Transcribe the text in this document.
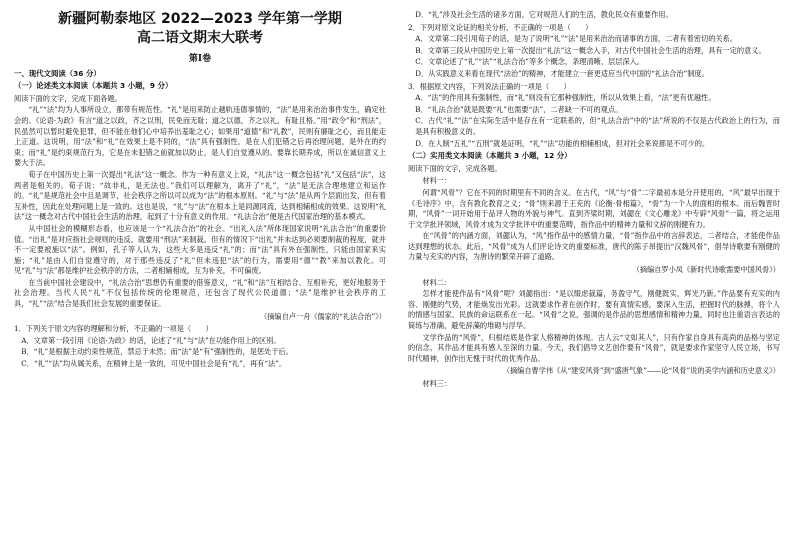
新疆阿勒泰地区 2022—2023 学年第一学期
高二语文期末大联考
第Ⅰ卷
一、现代文阅读（36 分）
（一）论述类文本阅读（本题共 3 小题，9 分）
阅读下面的文字，完成下面各题。

“礼”“法”均为人事所设立，都带有规范性。“礼”是用来防止越轨违德事情的，“法”是用来治治事件发生，确定社会的。《论语·为政》有言“道之以政，齐之以刑，民免而无耻；道之以德，齐之以礼，有耻且格。”用“政令”和“刑法”，民虽然可以暂时避免犯罪，但不能在他们心中培养出羞耻之心；如果用“道德”和“礼教”，民则有廉耻之心，而且能走上正道。这说明，用“法”和“礼”在效果上是不同的，“法”具有强制性，是在人们犯错之后再治理问题，是外在的约束；而“礼”是约束规范行为，它是在未犯错之前就加以防止，是人们自觉遵从的。要靠长期养成，所以在诚信意义上要大于法。

荀子在中国历史上第一次提出“礼法”这一概念。作为一种有意义上说，“礼法”这一概念包括“礼”又包括“法”，这两者是相关的。荀子说：“故非礼，是无法也。”我们可以理解为，离开了“礼”，“法”是无法合理地建立和运作的。“礼”是规范社会中且是调节，社会秩序之所以可以成为“法”的根本原则。“礼”与“法”是从两个层面出发，但有着互补性，因此在处理问题上是一致的。这也是说，“礼”与“法”在根本上是同源同流，达到相辅相成的效果。这说明“礼法”这一概念对古代中国社会生活的治理，起到了十分有意义的作用。“礼法合治”便是古代国家治理的基本模式。

从中国社会的模糊形态看，也应该是一个“礼法合治”的社会。“出礼入法”所体现国家说明“礼法合治”的重要价值。“出礼”是对应指社会规则的违反，就要用“刑法”来制裁。但有的情况下“出礼”并未达到必须要制裁的程度，就并不一定要被施以“法”。例如，孔子等人认为，这些大多是违反“礼”的；而“法”具有外在强制性，只能由国家来实施；“礼”是由人们自觉遵守的，对于那些违反了“礼”但未违犯“法”的行为，需要用“德”“教”来加以教化。可见“礼”与“法”都是维护社会秩序的方法，二者相辅相成，互为补充，不可偏废。

在当前中国社会建设中，“礼法合治”思想仍有重要的借鉴意义，“礼”和“法”互相结合、互相补充，更好地服务于社会治理。当代人民“礼”不仅包括传统的伦理规范，还包含了现代公民道德；“法”是维护社会秩序的工具，“礼”“法”结合是我们社会发展的重要保证。

（摘编自卢一舟《儒家的“礼法合治”》）
1．下列关于原文内容的理解和分析，不正确的一项是（　　）
A．文章第一段引用《论语·为政》的话，论述了“礼”与“法”在功能作用上的区别。
B．“礼”是根据主动约束性规范，禁忌于未然；而“法”是“有”强制性的，是惩处于后。
C．“礼”“法”均从属关系，在精神上是一致的，可见中国社会是有“礼”，再有“法”。
D．“礼”涉及社会生活的诸多方面，它对规范人们的生活，教化民众有重要作用。
2．下列对原文论证的相关分析，不正确的一项是（　　）
A．文章第二段引用荀子的话，是为了说明“礼”“法”是用来治治而诸事的方面，二者有着密切的关系。
B．文章第三段从中国历史上第一次提出“礼法”这一概念入手，对古代中国社会生活的治理，具有一定的意义。
C．文章论述了“礼”“法”“礼法合治”等多个概念，条理清晰，层层深入。
D．从实践意义来看在现代“法治”的精神，才能建立一套更适应当代中国的“礼法合治”制度。
3．根据原文内容，下列说法正确的一项是（　　）
A．“法”的作用具有强制性，而“礼”则没有它那种强制性，所以从效果上看，“法”更有优越性。
B．“礼法合治”就是既要“礼”也需要“法”，二者缺一不可的观点。
C．古代“礼”“法”在实际生活中是存在有一定联系的，但“礼法合治”中的“法”所说的不仅是古代政治上的行为，而是具有积极意义的。
D．在人制“五礼”“五刑”就是证明，“礼”“法”功能的相辅相成，但对社会来说都是不可少的。
（二）实用类文本阅读（本题共 3 小题，12 分）
阅读下面的文字，完成各题。
材料一：

何谓“风骨”？它在不同的时期里有不同的含义。在古代，“风”与“骨”二字最初本是分开使用的，“风”最早出现于《毛诗序》中，含有教化教育之义；“骨”则来源于王充的《论衡·骨相篇》，“骨”为一个人的面相的根本。而后魏晋时期，“风骨”一词开始用于品评人物的外貌与神气。直到齐梁时期，刘勰在《文心雕龙》中专辟“风骨”一篇，将之运用于文学批评领域，风骨才成为文学批评中的重要范畴，指作品中的精神力量和文辞的刚健有力。

在“风骨”的内涵方面，刘勰认为，“风”指作品中的感情力量，“骨”指作品中的言辞表达，二者结合，才能使作品达到理想的状态。此后，“风骨”成为人们评论诗文的重要标准，唐代的陈子昂提出“汉魏风骨”，倡导诗歌要有刚健的力量与充实的内容，为唐诗的繁荣开辟了道路。

（摘编自罗小凤《新时代诗歌需要中国风骨》）
材料二：

怎样才能使作品有“风骨”呢？刘勰指出：“是以缀虑裁篇，务盈守气，刚健既实，辉光乃新。”作品要有充实的内容、刚健的气势，才能焕发出光彩。这就要求作者在创作时，要有真情实感，要深入生活，把握时代的脉搏，将个人的情感与国家、民族的命运联系在一起。“风骨”之说，强调的是作品的思想感情和精神力量，同时也注重语言表达的简练与准确，避免辞藻的堆砌与浮华。

文学作品的“风骨”，归根结底是作家人格精神的体现。古人云“文如其人”，只有作家自身具有高尚的品格与坚定的信念，其作品才能具有感人至深的力量。今天，我们倡导文艺创作要有“风骨”，就是要求作家坚守人民立场，书写时代精神，创作出无愧于时代的优秀作品。

（摘编自曹学伟《从“建安风骨”到“盛唐气象”——论“风骨”说的美学内涵和历史意义》）
材料三：
